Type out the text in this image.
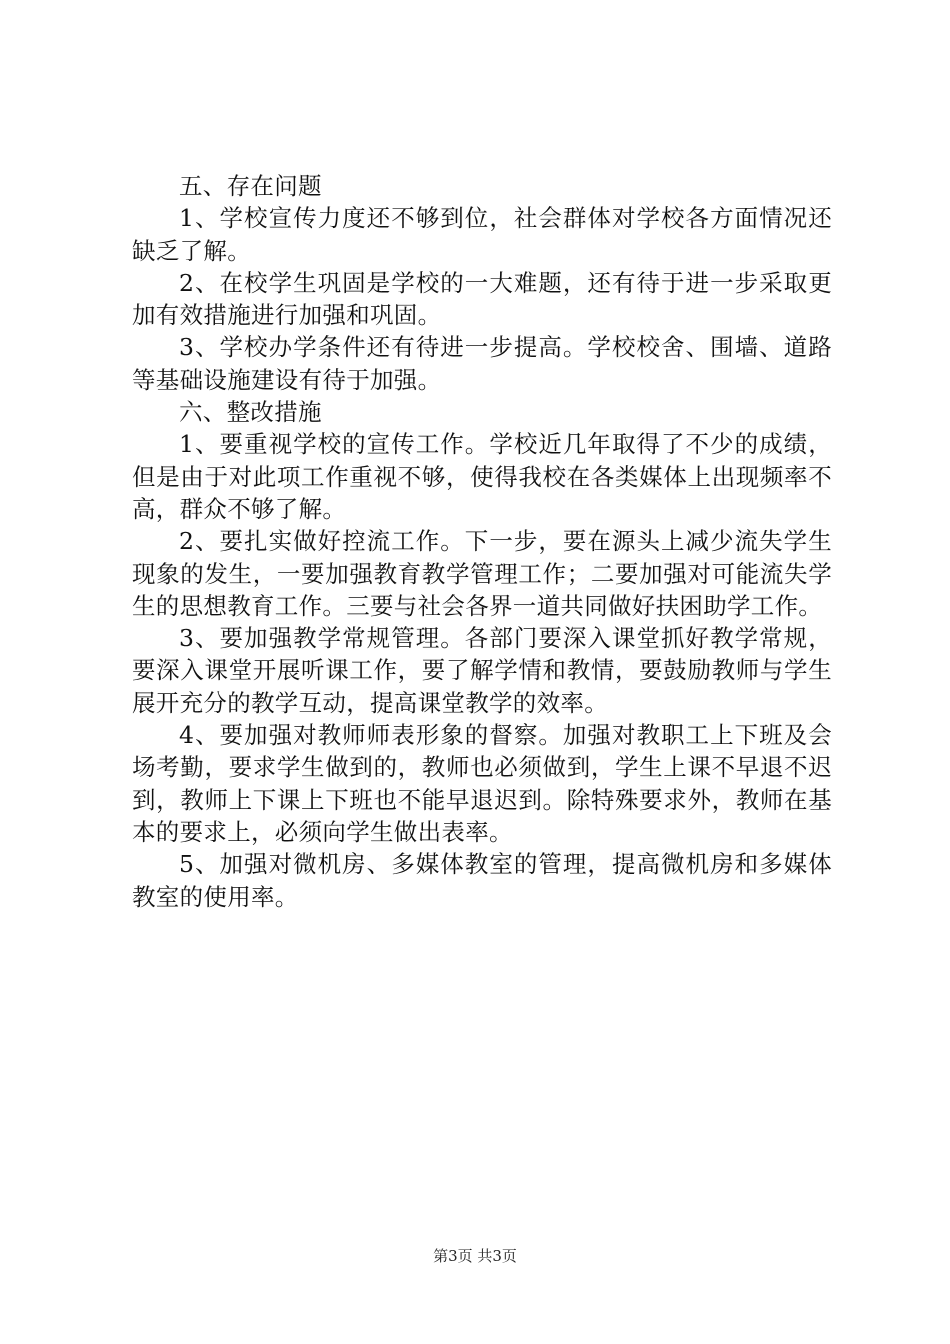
五、存在问题

1、学校宣传力度还不够到位，社会群体对学校各方面情况还缺乏了解。

2、在校学生巩固是学校的一大难题，还有待于进一步采取更加有效措施进行加强和巩固。

3、学校办学条件还有待进一步提高。学校校舍、围墙、道路等基础设施建设有待于加强。

六、整改措施

1、要重视学校的宣传工作。学校近几年取得了不少的成绩，但是由于对此项工作重视不够，使得我校在各类媒体上出现频率不高，群众不够了解。

2、要扎实做好控流工作。下一步，要在源头上减少流失学生现象的发生，一要加强教育教学管理工作；二要加强对可能流失学生的思想教育工作。三要与社会各界一道共同做好扶困助学工作。

3、要加强教学常规管理。各部门要深入课堂抓好教学常规，要深入课堂开展听课工作，要了解学情和教情，要鼓励教师与学生展开充分的教学互动，提高课堂教学的效率。

4、要加强对教师师表形象的督察。加强对教职工上下班及会场考勤，要求学生做到的，教师也必须做到，学生上课不早退不迟到，教师上下课上下班也不能早退迟到。除特殊要求外，教师在基本的要求上，必须向学生做出表率。

5、加强对微机房、多媒体教室的管理，提高微机房和多媒体教室的使用率。

第3页 共3页
